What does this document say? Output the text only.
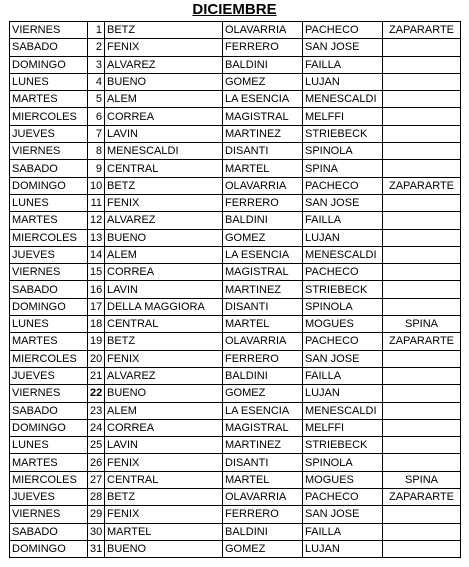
DICIEMBRE
VIERNES	1	BETZ	OLAVARRIA	PACHECO	ZAPARARTE
SABADO	2	FENIX	FERRERO	SAN JOSE	
DOMINGO	3	ALVAREZ	BALDINI	FAILLA	
LUNES	4	BUENO	GOMEZ	LUJAN	
MARTES	5	ALEM	LA ESENCIA	MENESCALDI	
MIERCOLES	6	CORREA	MAGISTRAL	MELFFI	
JUEVES	7	LAVIN	MARTINEZ	STRIEBECK	
VIERNES	8	MENESCALDI	DISANTI	SPINOLA	
SABADO	9	CENTRAL	MARTEL	SPINA	
DOMINGO	10	BETZ	OLAVARRIA	PACHECO	ZAPARARTE
LUNES	11	FENIX	FERRERO	SAN JOSE	
MARTES	12	ALVAREZ	BALDINI	FAILLA	
MIERCOLES	13	BUENO	GOMEZ	LUJAN	
JUEVES	14	ALEM	LA ESENCIA	MENESCALDI	
VIERNES	15	CORREA	MAGISTRAL	PACHECO	
SABADO	16	LAVIN	MARTINEZ	STRIEBECK	
DOMINGO	17	DELLA MAGGIORA	DISANTI	SPINOLA	
LUNES	18	CENTRAL	MARTEL	MOGUES	SPINA
MARTES	19	BETZ	OLAVARRIA	PACHECO	ZAPARARTE
MIERCOLES	20	FENIX	FERRERO	SAN JOSE	
JUEVES	21	ALVAREZ	BALDINI	FAILLA	
VIERNES	22	BUENO	GOMEZ	LUJAN	
SABADO	23	ALEM	LA ESENCIA	MENESCALDI	
DOMINGO	24	CORREA	MAGISTRAL	MELFFI	
LUNES	25	LAVIN	MARTINEZ	STRIEBECK	
MARTES	26	FENIX	DISANTI	SPINOLA	
MIERCOLES	27	CENTRAL	MARTEL	MOGUES	SPINA
JUEVES	28	BETZ	OLAVARRIA	PACHECO	ZAPARARTE
VIERNES	29	FENIX	FERRERO	SAN JOSE	
SABADO	30	MARTEL	BALDINI	FAILLA	
DOMINGO	31	BUENO	GOMEZ	LUJAN	
